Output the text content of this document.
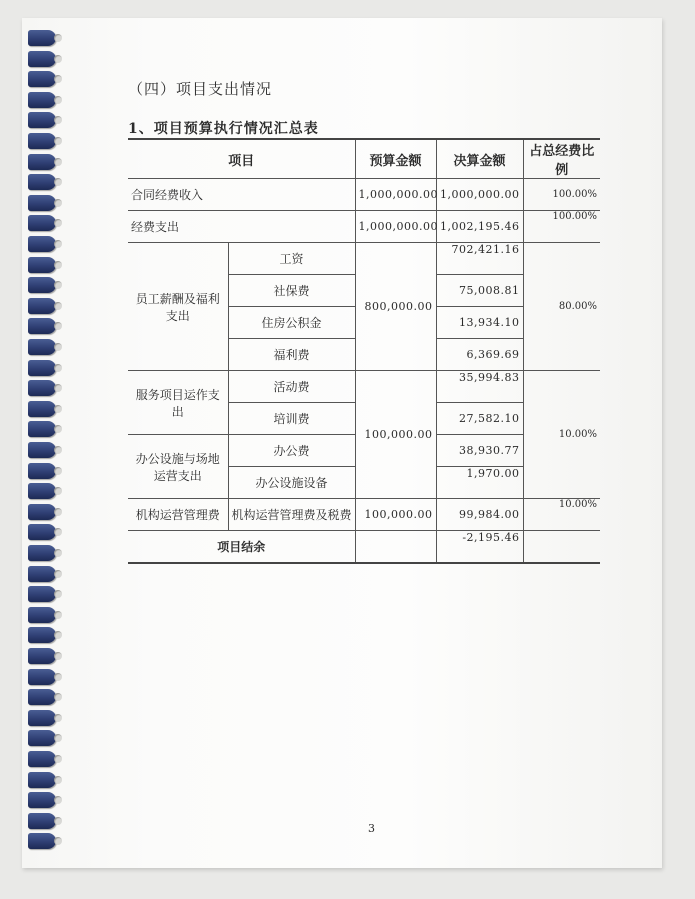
（四）项目支出情况
1、项目预算执行情况汇总表
项目		预算金额	决算金额	占总经费比例
合同经费收入		1,000,000.00	1,000,000.00	100.00%
经费支出		1,000,000.00	1,002,195.46	100.00%
员工薪酬及福利支出	工资	800,000.00	702,421.16	80.00%
	社保费		75,008.81	
	住房公积金		13,934.10	
	福利费		6,369.69	
服务项目运作支出	活动费	100,000.00	35,994.83	10.00%
	培训费		27,582.10	
办公设施与场地运营支出	办公费		38,930.77	
	办公设施设备		1,970.00	
机构运营管理费	机构运营管理费及税费	100,000.00	99,984.00	10.00%
项目结余			-2,195.46	
3
